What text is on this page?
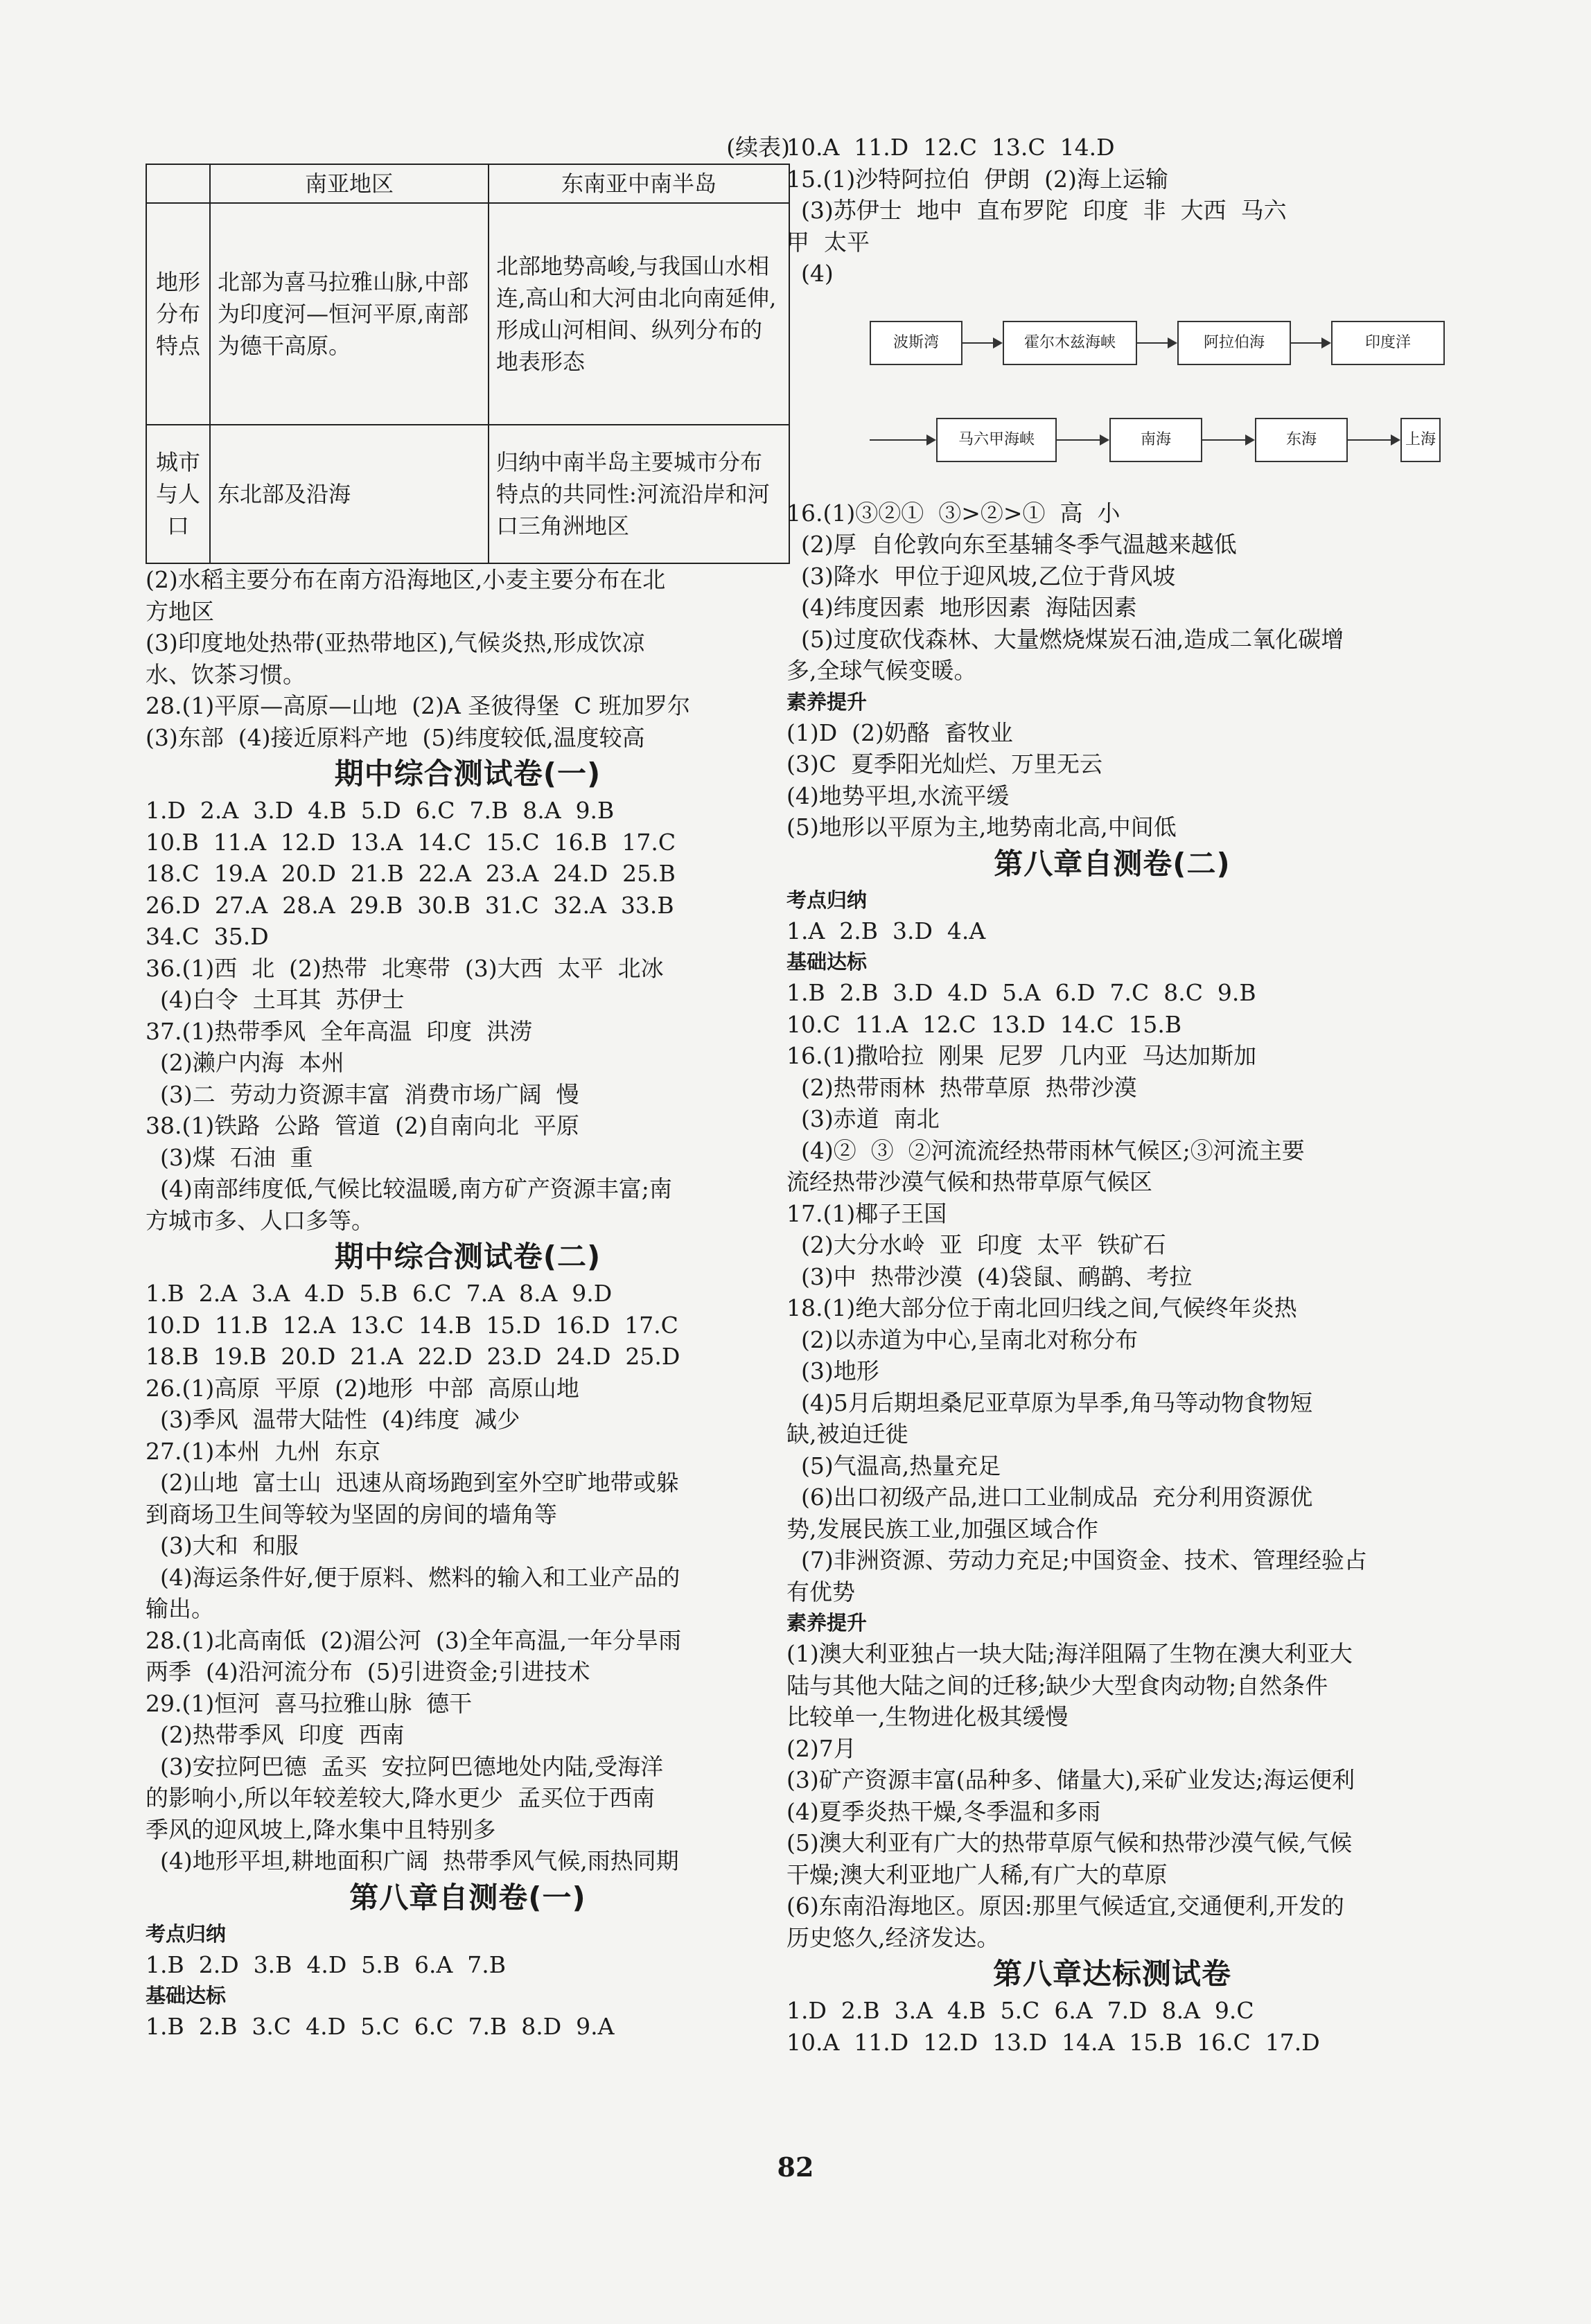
(续表)
	南亚地区	东南亚中南半岛
地形分布特点	北部为喜马拉雅山脉,中部为印度河—恒河平原,南部为德干高原。	北部地势高峻,与我国山水相连,高山和大河由北向南延伸,形成山河相间、纵列分布的地表形态
城市与人口	东北部及沿海	归纳中南半岛主要城市分布特点的共同性:河流沿岸和河口三角洲地区
(2)水稻主要分布在南方沿海地区,小麦主要分布在北
方地区
(3)印度地处热带(亚热带地区),气候炎热,形成饮凉
水、饮茶习惯。
28.(1)平原—高原—山地  (2)A 圣彼得堡  C 班加罗尔
(3)东部  (4)接近原料产地  (5)纬度较低,温度较高
期中综合测试卷(一)
1.D  2.A  3.D  4.B  5.D  6.C  7.B  8.A  9.B
10.B  11.A  12.D  13.A  14.C  15.C  16.B  17.C
18.C  19.A  20.D  21.B  22.A  23.A  24.D  25.B
26.D  27.A  28.A  29.B  30.B  31.C  32.A  33.B
34.C  35.D
36.(1)西  北  (2)热带  北寒带  (3)大西  太平  北冰
(4)白令  土耳其  苏伊士
37.(1)热带季风  全年高温  印度  洪涝
(2)濑户内海  本州
(3)二  劳动力资源丰富  消费市场广阔  慢
38.(1)铁路  公路  管道  (2)自南向北  平原
(3)煤  石油  重
(4)南部纬度低,气候比较温暖,南方矿产资源丰富;南
方城市多、人口多等。
期中综合测试卷(二)
1.B  2.A  3.A  4.D  5.B  6.C  7.A  8.A  9.D
10.D  11.B  12.A  13.C  14.B  15.D  16.D  17.C
18.B  19.B  20.D  21.A  22.D  23.D  24.D  25.D
26.(1)高原  平原  (2)地形  中部  高原山地
(3)季风  温带大陆性  (4)纬度  减少
27.(1)本州  九州  东京
(2)山地  富士山  迅速从商场跑到室外空旷地带或躲
到商场卫生间等较为坚固的房间的墙角等
(3)大和  和服
(4)海运条件好,便于原料、燃料的输入和工业产品的
输出。
28.(1)北高南低  (2)湄公河  (3)全年高温,一年分旱雨
两季  (4)沿河流分布  (5)引进资金;引进技术
29.(1)恒河  喜马拉雅山脉  德干
(2)热带季风  印度  西南
(3)安拉阿巴德  孟买  安拉阿巴德地处内陆,受海洋
的影响小,所以年较差较大,降水更少  孟买位于西南
季风的迎风坡上,降水集中且特别多
(4)地形平坦,耕地面积广阔  热带季风气候,雨热同期
第八章自测卷(一)
考点归纳
1.B  2.D  3.B  4.D  5.B  6.A  7.B
基础达标
1.B  2.B  3.C  4.D  5.C  6.C  7.B  8.D  9.A
10.A  11.D  12.C  13.C  14.D
15.(1)沙特阿拉伯  伊朗  (2)海上运输
(3)苏伊士  地中  直布罗陀  印度  非  大西  马六
甲  太平
(4)
波斯湾	霍尔木兹海峡	阿拉伯海	印度洋
马六甲海峡	南海	东海	上海
16.(1)③②①  ③>②>①  高  小
(2)厚  自伦敦向东至基辅冬季气温越来越低
(3)降水  甲位于迎风坡,乙位于背风坡
(4)纬度因素  地形因素  海陆因素
(5)过度砍伐森林、大量燃烧煤炭石油,造成二氧化碳增
多,全球气候变暖。
素养提升
(1)D  (2)奶酪  畜牧业
(3)C  夏季阳光灿烂、万里无云
(4)地势平坦,水流平缓
(5)地形以平原为主,地势南北高,中间低
第八章自测卷(二)
考点归纳
1.A  2.B  3.D  4.A
基础达标
1.B  2.B  3.D  4.D  5.A  6.D  7.C  8.C  9.B
10.C  11.A  12.C  13.D  14.C  15.B
16.(1)撒哈拉  刚果  尼罗  几内亚  马达加斯加
(2)热带雨林  热带草原  热带沙漠
(3)赤道  南北
(4)②  ③  ②河流流经热带雨林气候区;③河流主要
流经热带沙漠气候和热带草原气候区
17.(1)椰子王国
(2)大分水岭  亚  印度  太平  铁矿石
(3)中  热带沙漠  (4)袋鼠、鸸鹋、考拉
18.(1)绝大部分位于南北回归线之间,气候终年炎热
(2)以赤道为中心,呈南北对称分布
(3)地形
(4)5月后期坦桑尼亚草原为旱季,角马等动物食物短
缺,被迫迁徙
(5)气温高,热量充足
(6)出口初级产品,进口工业制成品  充分利用资源优
势,发展民族工业,加强区域合作
(7)非洲资源、劳动力充足;中国资金、技术、管理经验占
有优势
素养提升
(1)澳大利亚独占一块大陆;海洋阻隔了生物在澳大利亚大
陆与其他大陆之间的迁移;缺少大型食肉动物;自然条件
比较单一,生物进化极其缓慢
(2)7月
(3)矿产资源丰富(品种多、储量大),采矿业发达;海运便利
(4)夏季炎热干燥,冬季温和多雨
(5)澳大利亚有广大的热带草原气候和热带沙漠气候,气候
干燥;澳大利亚地广人稀,有广大的草原
(6)东南沿海地区。原因:那里气候适宜,交通便利,开发的
历史悠久,经济发达。
第八章达标测试卷
1.D  2.B  3.A  4.B  5.C  6.A  7.D  8.A  9.C
10.A  11.D  12.D  13.D  14.A  15.B  16.C  17.D
82
